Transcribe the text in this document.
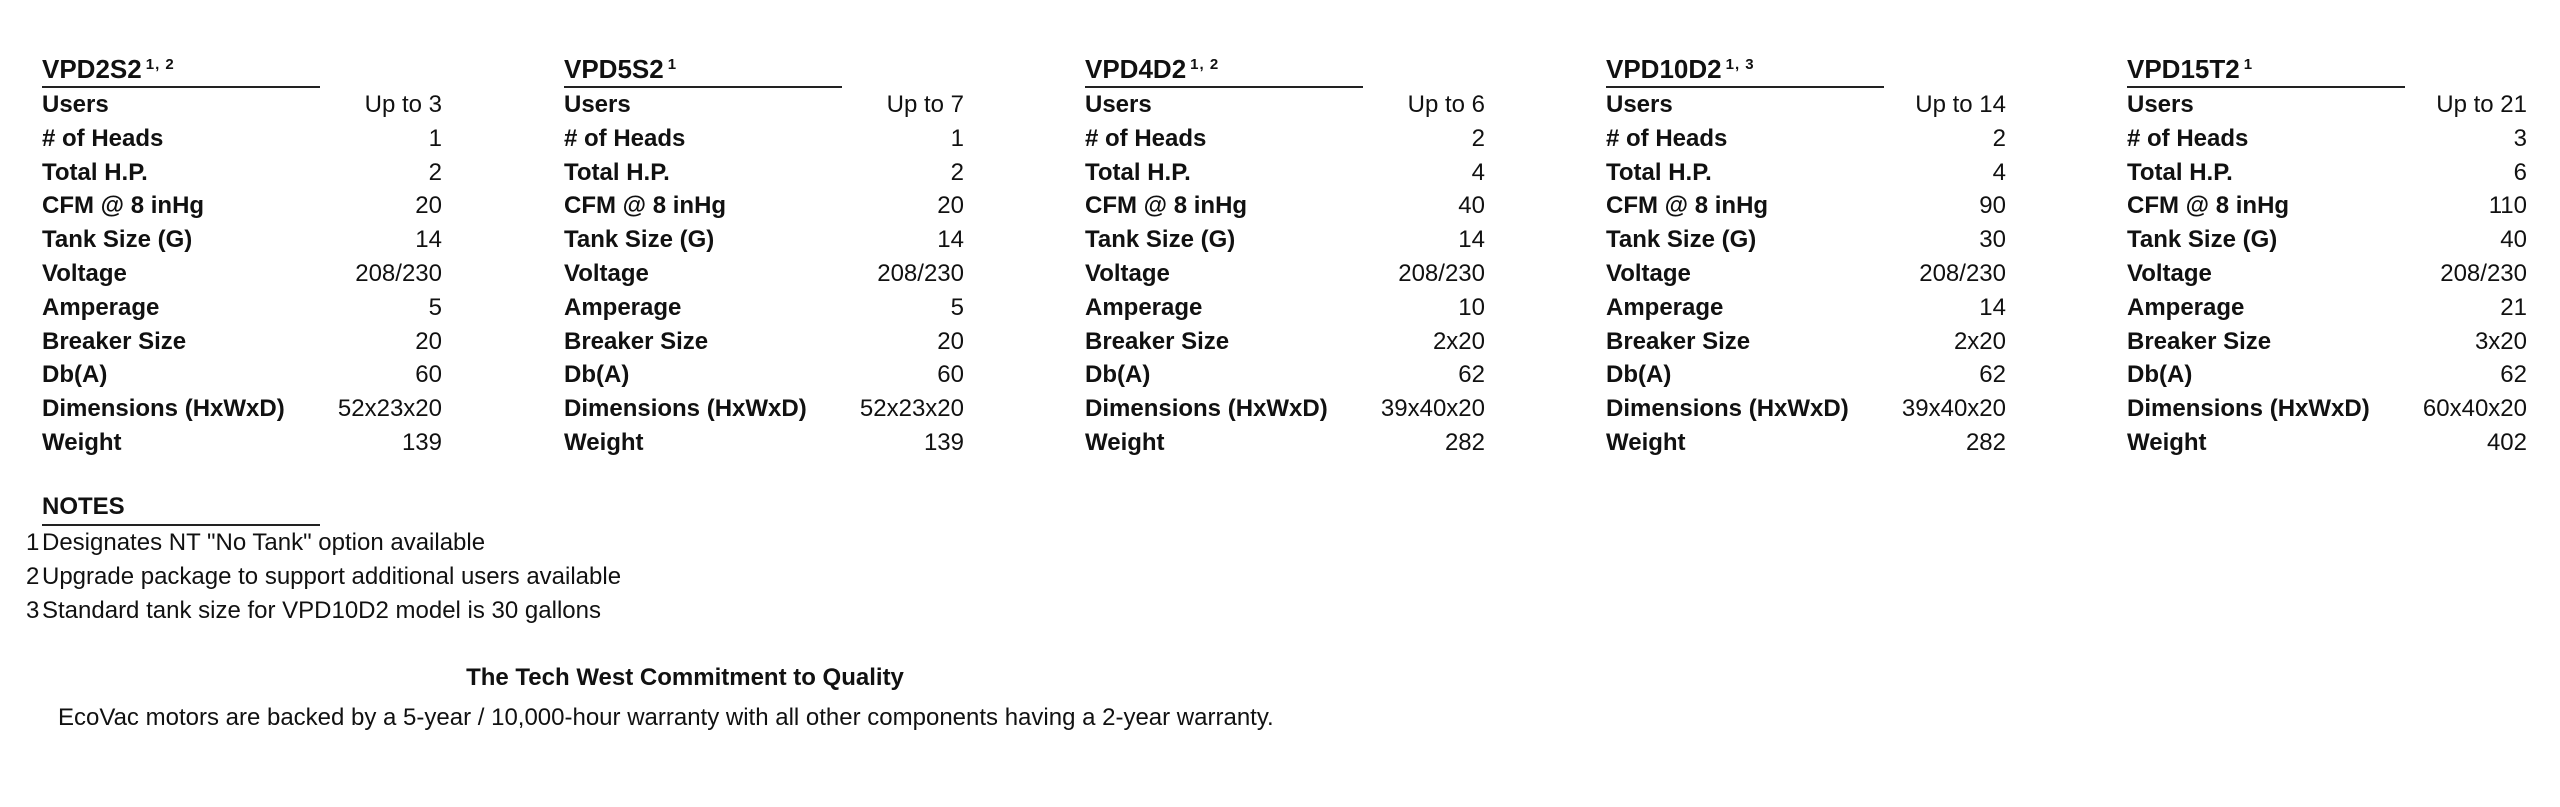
VPD2S2 $^{1, 2}$
Users	Up to 3
# of Heads	1
Total H.P.	2
CFM @ 8 inHg	20
Tank Size (G)	14
Voltage	208/230
Amperage	5
Breaker Size	20
Db(A)	60
Dimensions (HxWxD) 52x23x20
Weight	139
VPD5S2 $^1$
Users	Up to 7
# of Heads	1
Total H.P.	2
CFM @ 8 inHg	20
Tank Size (G)	14
Voltage	208/230
Amperage	5
Breaker Size	20
Db(A)	60
Dimensions (HxWxD) 52x23x20
Weight	139
VPD4D2 $^{1, 2}$
Users	Up to 6
# of Heads	2
Total H.P.	4
CFM @ 8 inHg	40
Tank Size (G)	14
Voltage	208/230
Amperage	10
Breaker Size	2x20
Db(A)	62
Dimensions (HxWxD) 39x40x20
Weight	282
VPD10D2 $^{1, 3}$
Users	Up to 14
# of Heads	2
Total H.P.	4
CFM @ 8 inHg	90
Tank Size (G)	30
Voltage	208/230
Amperage	14
Breaker Size	2x20
Db(A)	62
Dimensions (HxWxD) 39x40x20
Weight	282
VPD15T2 $^1$
Users	Up to 21
# of Heads	3
Total H.P.	6
CFM @ 8 inHg	110
Tank Size (G)	40
Voltage	208/230
Amperage	21
Breaker Size	3x20
Db(A)	62
Dimensions (HxWxD) 60x40x20
Weight	402
NOTES
1 Designates NT "No Tank" option available
2 Upgrade package to support additional users available
3 Standard tank size for VPD10D2 model is 30 gallons
The Tech West Commitment to Quality
EcoVac motors are backed by a 5-year / 10,000-hour warranty with all other components having a 2-year warranty.
